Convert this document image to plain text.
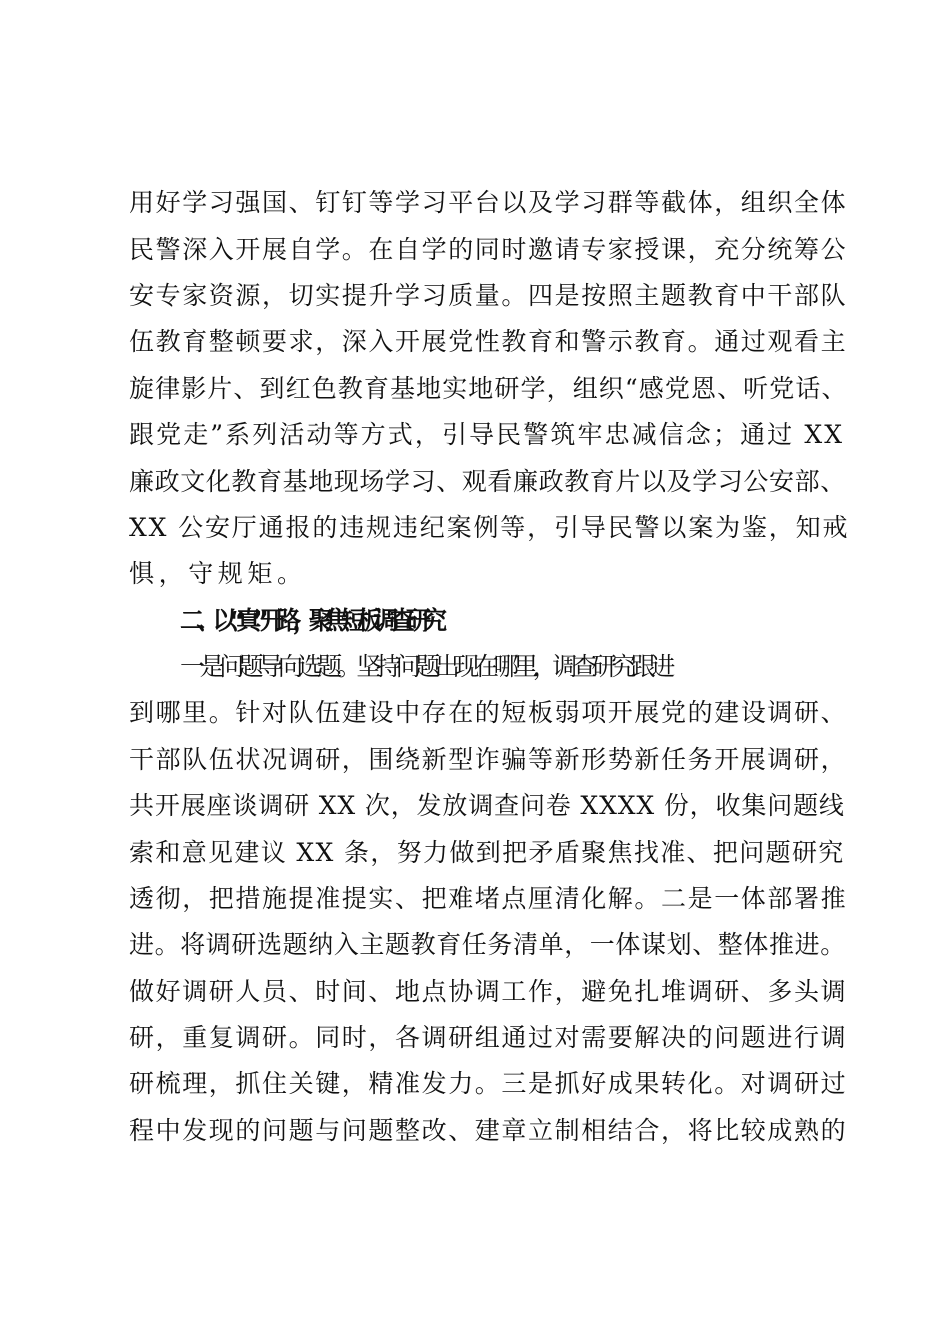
用好学习强国、钉钉等学习平台以及学习群等截体，组织全体
民警深入开展自学。在自学的同时邀请专家授课，充分统筹公
安专家资源，切实提升学习质量。四是按照主题教育中干部队
伍教育整顿要求，深入开展党性教育和警示教育。通过观看主
旋律影片、到红色教育基地实地研学，组织“感党恩、听党话、
跟党走”系列活动等方式，引导民警筑牢忠减信念；通过 XX
廉政文化教育基地现场学习、观看廉政教育片以及学习公安部、
XX 公安厅通报的违规违纪案例等，引导民警以案为鉴，知戒
惧，守规矩。
二、以“真”开路，聚焦短板调查研究
一是问题导向选题。坚持问题出现在哪里，调查研究跟进
到哪里。针对队伍建设中存在的短板弱项开展党的建设调研、
干部队伍状况调研，围绕新型诈骗等新形势新任务开展调研，
共开展座谈调研 XX 次，发放调查问卷 XXXX 份，收集问题线
索和意见建议 XX 条，努力做到把矛盾聚焦找准、把问题研究
透彻，把措施提准提实、把难堵点厘清化解。二是一体部署推
进。将调研选题纳入主题教育任务清单，一体谋划、整体推进。
做好调研人员、时间、地点协调工作，避免扎堆调研、多头调
研，重复调研。同时，各调研组通过对需要解决的问题进行调
研梳理，抓住关键，精准发力。三是抓好成果转化。对调研过
程中发现的问题与问题整改、建章立制相结合，将比较成熟的
